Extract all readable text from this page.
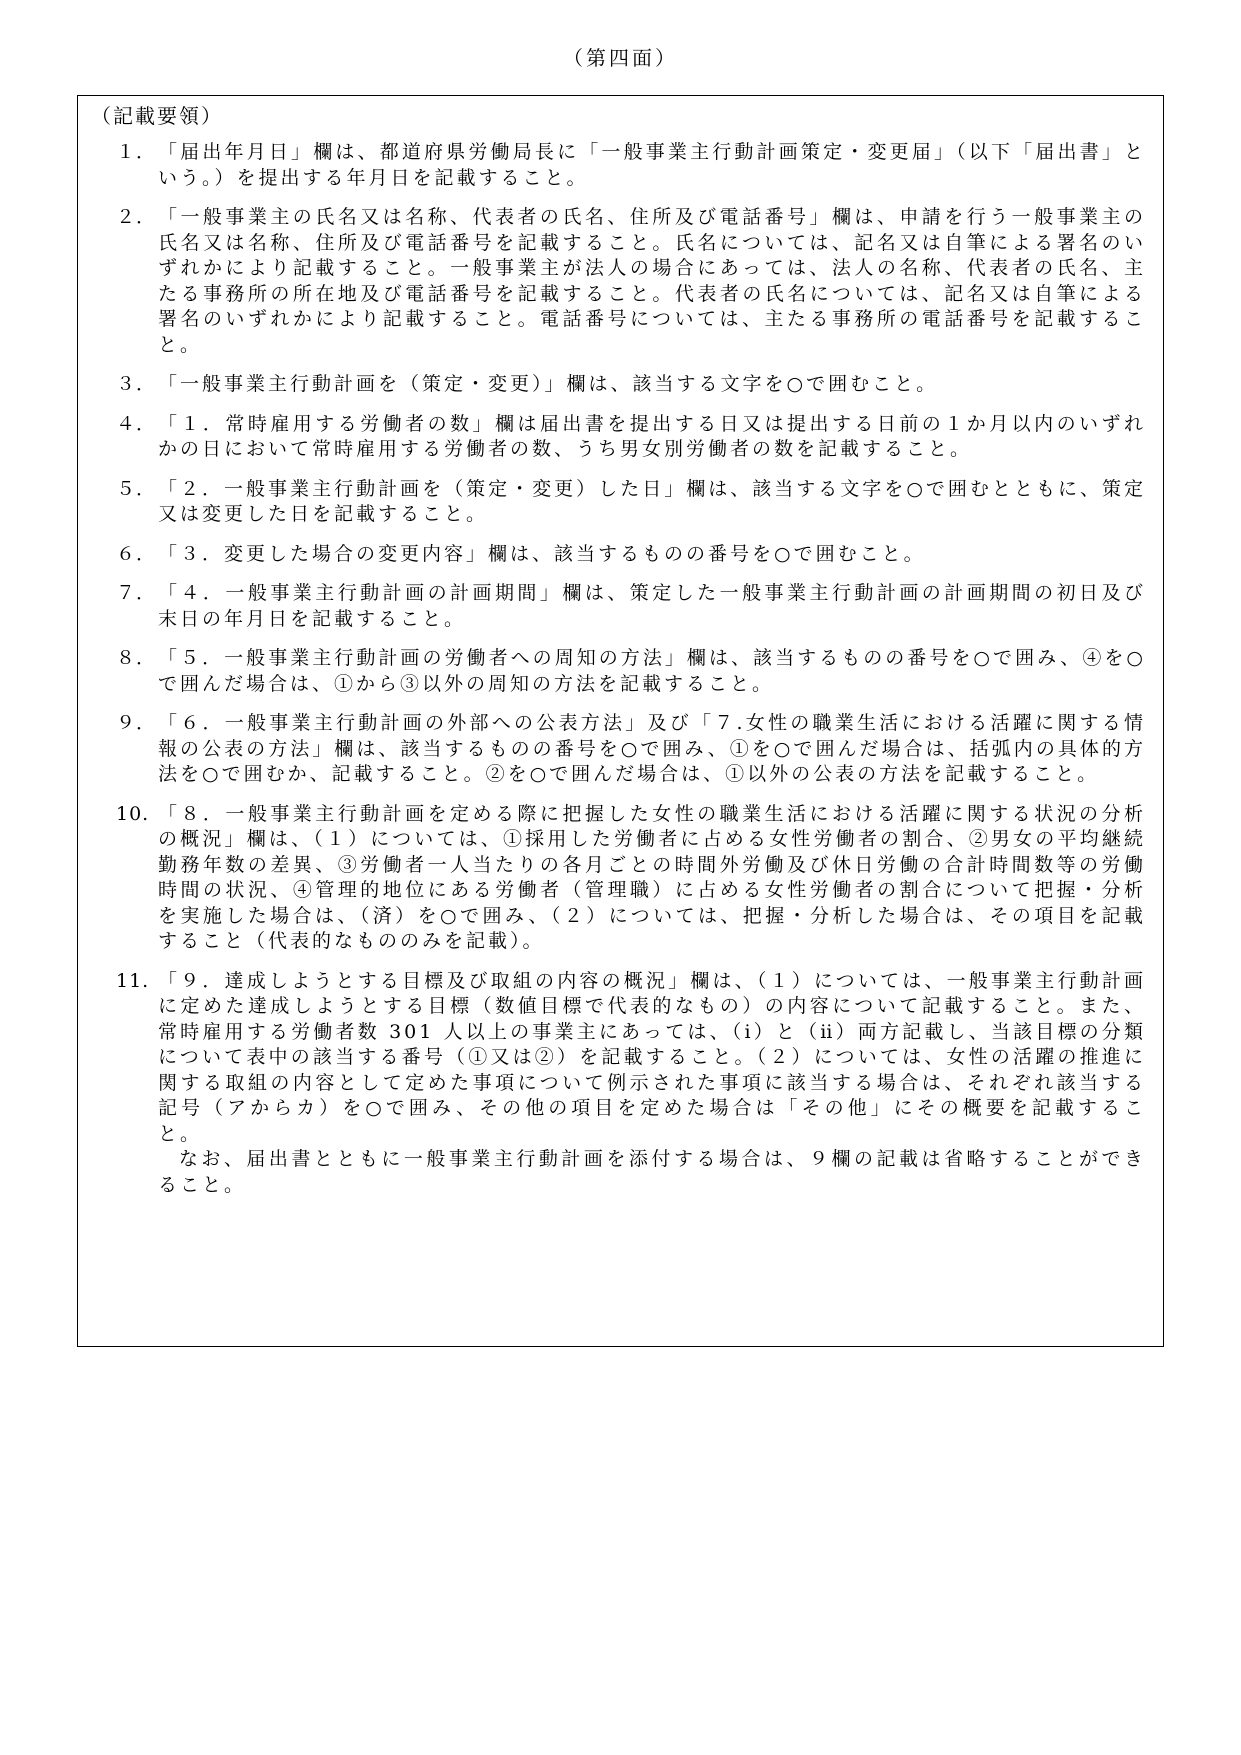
（第四面）
（記載要領）
１． 「届出年月日」欄は、都道府県労働局長に「一般事業主行動計画策定・変更届」（以下「届出書」という。）を提出する年月日を記載すること。
２． 「一般事業主の氏名又は名称、代表者の氏名、住所及び電話番号」欄は、申請を行う一般事業主の氏名又は名称、住所及び電話番号を記載すること。氏名については、記名又は自筆による署名のいずれかにより記載すること。一般事業主が法人の場合にあっては、法人の名称、代表者の氏名、主たる事務所の所在地及び電話番号を記載すること。代表者の氏名については、記名又は自筆による署名のいずれかにより記載すること。電話番号については、主たる事務所の電話番号を記載すること。
３． 「一般事業主行動計画を（策定・変更）」欄は、該当する文字を○で囲むこと。
４． 「１．常時雇用する労働者の数」欄は届出書を提出する日又は提出する日前の１か月以内のいずれかの日において常時雇用する労働者の数、うち男女別労働者の数を記載すること。
５． 「２．一般事業主行動計画を（策定・変更）した日」欄は、該当する文字を○で囲むとともに、策定又は変更した日を記載すること。
６． 「３．変更した場合の変更内容」欄は、該当するものの番号を○で囲むこと。
７． 「４．一般事業主行動計画の計画期間」欄は、策定した一般事業主行動計画の計画期間の初日及び末日の年月日を記載すること。
８． 「５．一般事業主行動計画の労働者への周知の方法」欄は、該当するものの番号を○で囲み、④を○で囲んだ場合は、①から③以外の周知の方法を記載すること。
９． 「６．一般事業主行動計画の外部への公表方法」及び「７.女性の職業生活における活躍に関する情報の公表の方法」欄は、該当するものの番号を○で囲み、①を○で囲んだ場合は、括弧内の具体的方法を○で囲むか、記載すること。②を○で囲んだ場合は、①以外の公表の方法を記載すること。
10. 「８．一般事業主行動計画を定める際に把握した女性の職業生活における活躍に関する状況の分析の概況」欄は、（１）については、①採用した労働者に占める女性労働者の割合、②男女の平均継続勤務年数の差異、③労働者一人当たりの各月ごとの時間外労働及び休日労働の合計時間数等の労働時間の状況、④管理的地位にある労働者（管理職）に占める女性労働者の割合について把握・分析を実施した場合は、（済）を○で囲み、（２）については、把握・分析した場合は、その項目を記載すること（代表的なもののみを記載）。
11. 「９．達成しようとする目標及び取組の内容の概況」欄は、（１）については、一般事業主行動計画に定めた達成しようとする目標（数値目標で代表的なもの）の内容について記載すること。また、常時雇用する労働者数 301 人以上の事業主にあっては、（ⅰ）と（ⅱ）両方記載し、当該目標の分類について表中の該当する番号（①又は②）を記載すること。（２）については、女性の活躍の推進に関する取組の内容として定めた事項について例示された事項に該当する場合は、それぞれ該当する記号（アからカ）を○で囲み、その他の項目を定めた場合は「その他」にその概要を記載すること。
なお、届出書とともに一般事業主行動計画を添付する場合は、９欄の記載は省略することができること。
